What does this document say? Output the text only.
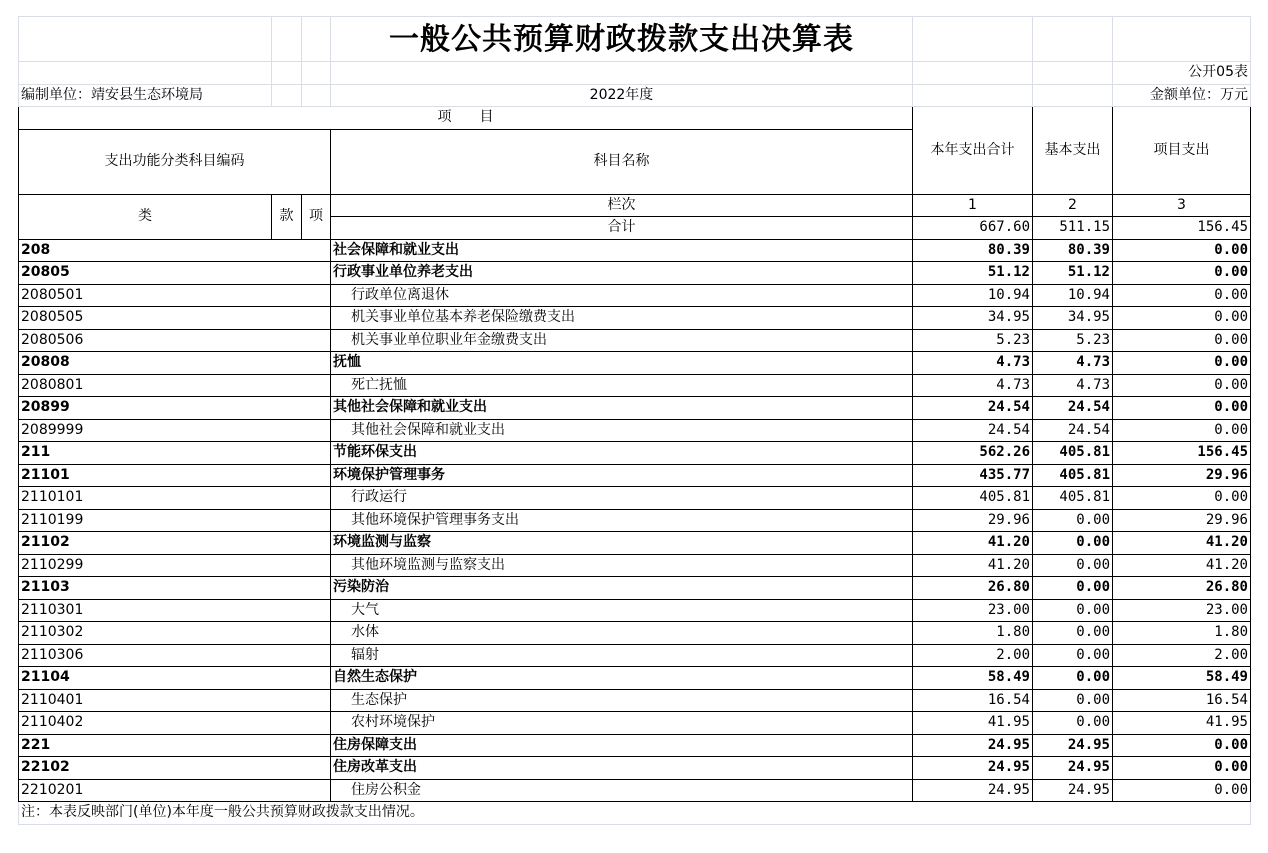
			一般公共预算财政拨款支出决算表			
						公开05表
编制单位：靖安县生态环境局			2022年度			金额单位：万元
项　　目				本年支出合计	基本支出	项目支出
支出功能分类科目编码			科目名称			

类	款	项	栏次	1	2	3
			合计	667.60	511.15	156.45
208			社会保障和就业支出	80.39	80.39	0.00
20805			行政事业单位养老支出	51.12	51.12	0.00
2080501			行政单位离退休	10.94	10.94	0.00
2080505			机关事业单位基本养老保险缴费支出	34.95	34.95	0.00
2080506			机关事业单位职业年金缴费支出	5.23	5.23	0.00
20808			抚恤	4.73	4.73	0.00
2080801			死亡抚恤	4.73	4.73	0.00
20899			其他社会保障和就业支出	24.54	24.54	0.00
2089999			其他社会保障和就业支出	24.54	24.54	0.00
211			节能环保支出	562.26	405.81	156.45
21101			环境保护管理事务	435.77	405.81	29.96
2110101			行政运行	405.81	405.81	0.00
2110199			其他环境保护管理事务支出	29.96	0.00	29.96
21102			环境监测与监察	41.20	0.00	41.20
2110299			其他环境监测与监察支出	41.20	0.00	41.20
21103			污染防治	26.80	0.00	26.80
2110301			大气	23.00	0.00	23.00
2110302			水体	1.80	0.00	1.80
2110306			辐射	2.00	0.00	2.00
21104			自然生态保护	58.49	0.00	58.49
2110401			生态保护	16.54	0.00	16.54
2110402			农村环境保护	41.95	0.00	41.95
221			住房保障支出	24.95	24.95	0.00
22102			住房改革支出	24.95	24.95	0.00
2210201			住房公积金	24.95	24.95	0.00
注：本表反映部门(单位)本年度一般公共预算财政拨款支出情况。						
